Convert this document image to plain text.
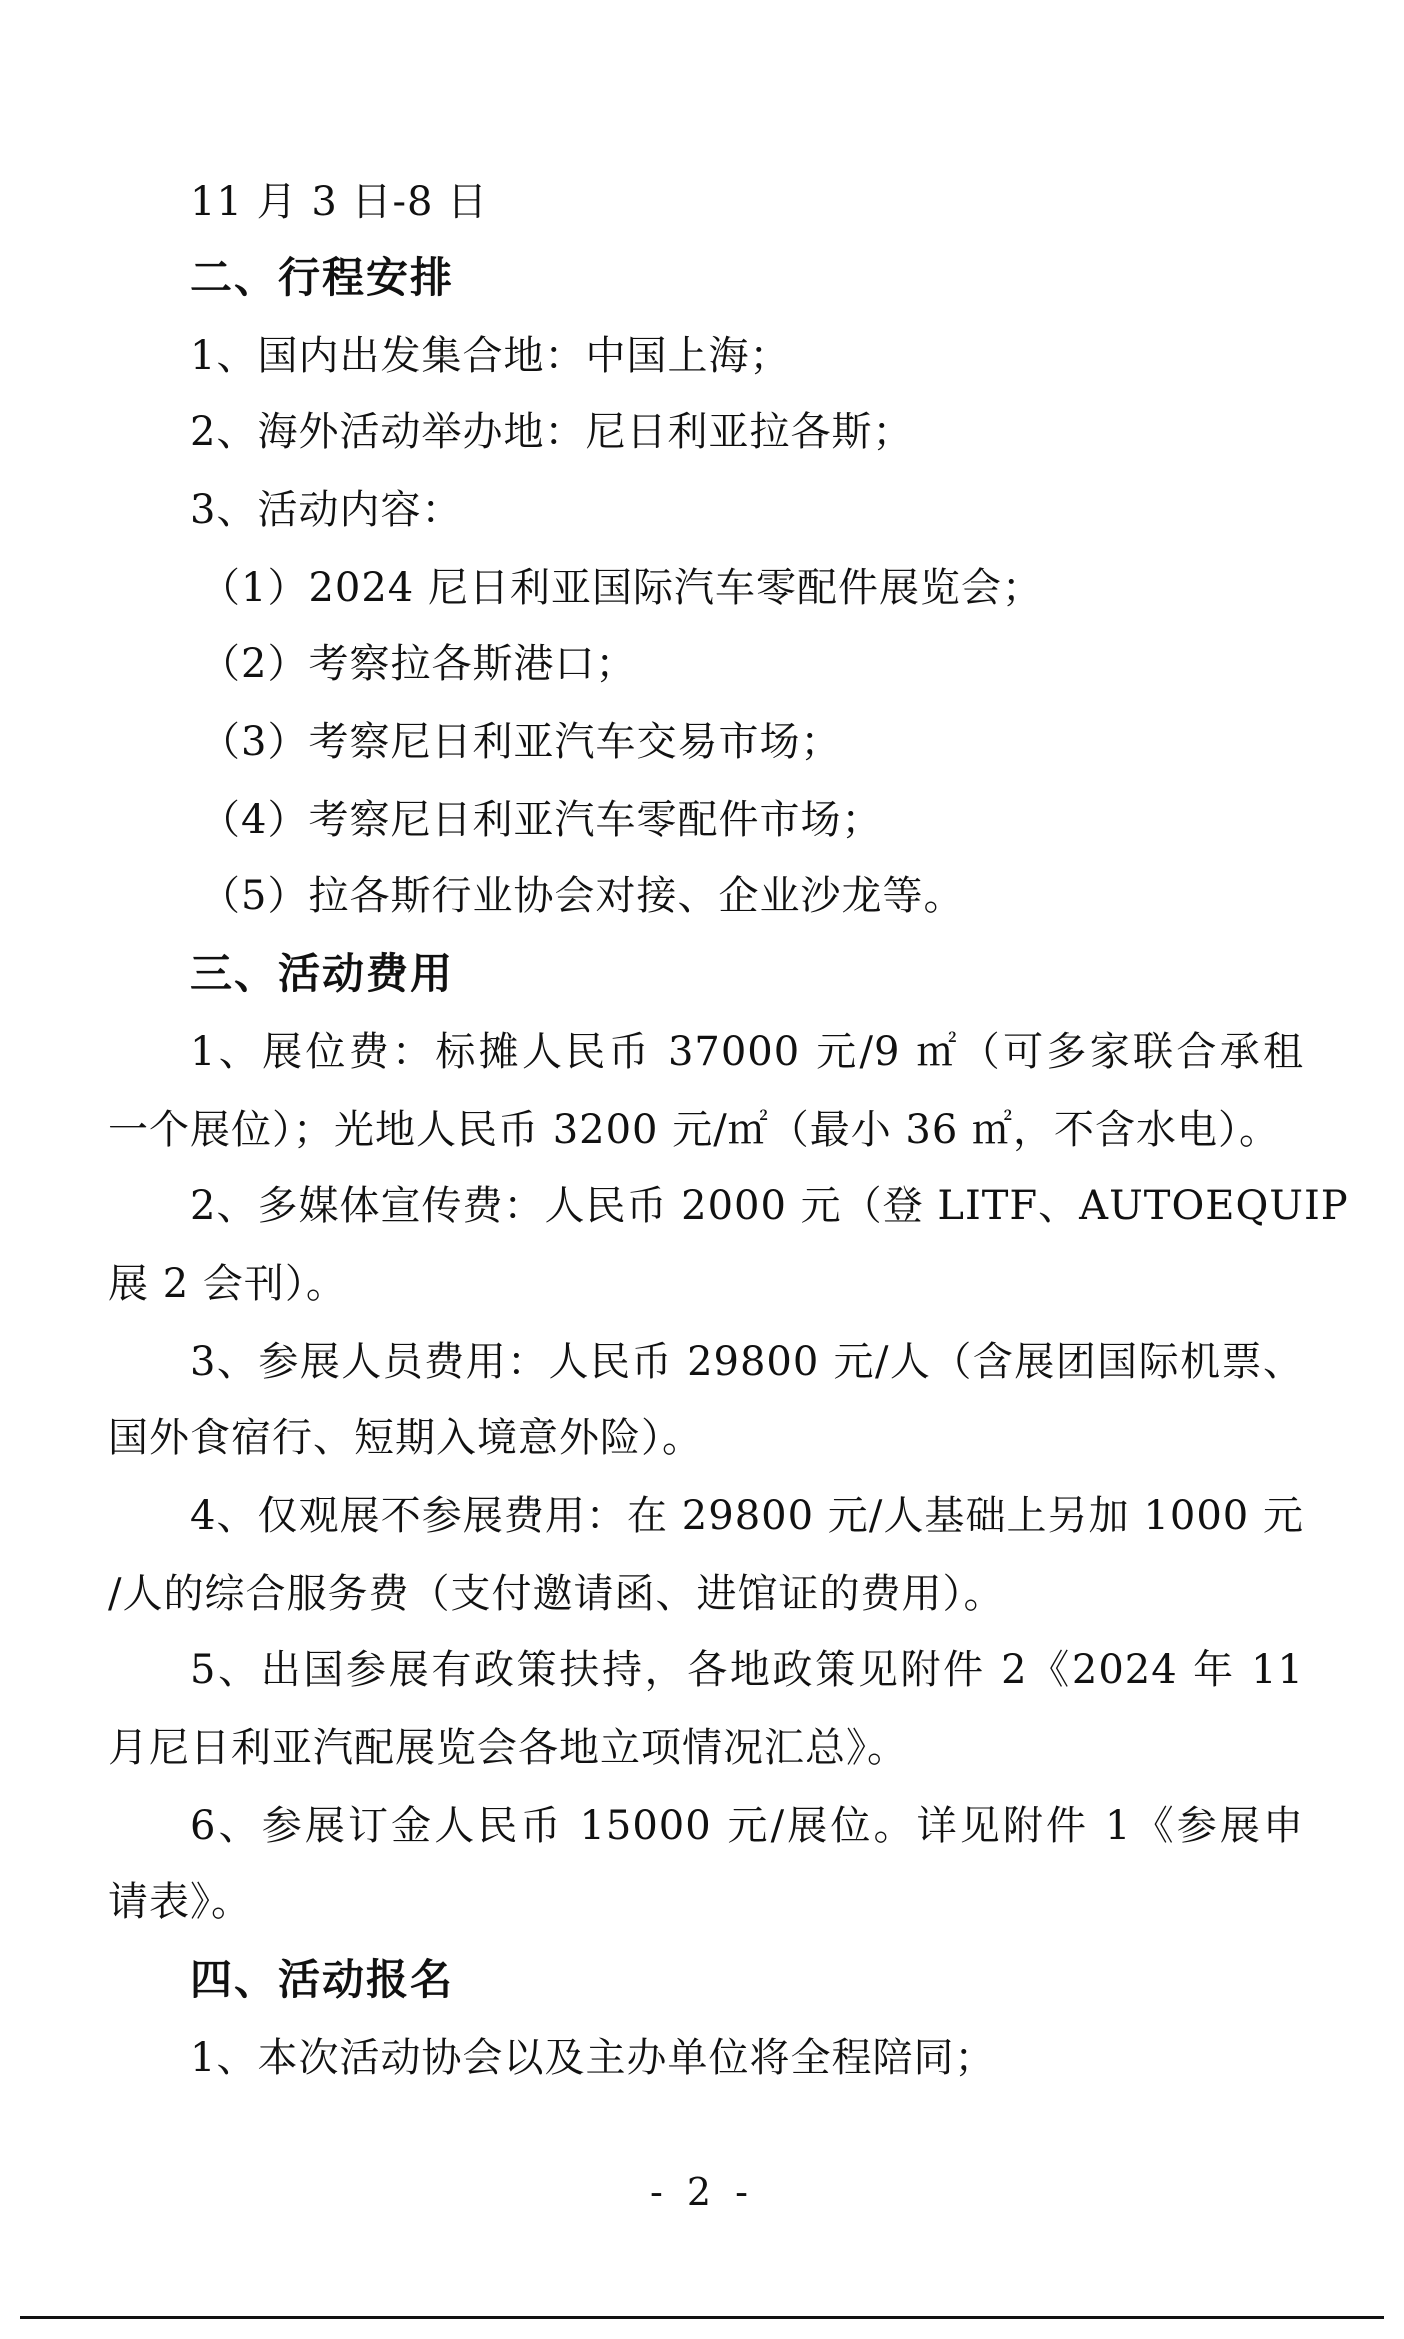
11 月 3 日-8 日
二、行程安排
1、国内出发集合地：中国上海；
2、海外活动举办地：尼日利亚拉各斯；
3、活动内容：
（1）2024 尼日利亚国际汽车零配件展览会；
（2）考察拉各斯港口；
（3）考察尼日利亚汽车交易市场；
（4）考察尼日利亚汽车零配件市场；
（5）拉各斯行业协会对接、企业沙龙等。
三、活动费用
1、展位费：标摊人民币 37000 元/9 ㎡（可多家联合承租
一个展位）；光地人民币 3200 元/㎡（最小 36 ㎡，不含水电）。
2、多媒体宣传费：人民币 2000 元（登 LITF、AUTOEQUIP
展 2 会刊）。
3、参展人员费用：人民币 29800 元/人（含展团国际机票、
国外食宿行、短期入境意外险）。
4、仅观展不参展费用：在 29800 元/人基础上另加 1000 元
/人的综合服务费（支付邀请函、进馆证的费用）。
5、出国参展有政策扶持，各地政策见附件 2《2024 年 11
月尼日利亚汽配展览会各地立项情况汇总》。
6、参展订金人民币 15000 元/展位。详见附件 1《参展申
请表》。
四、活动报名
1、本次活动协会以及主办单位将全程陪同；
- 2 -
